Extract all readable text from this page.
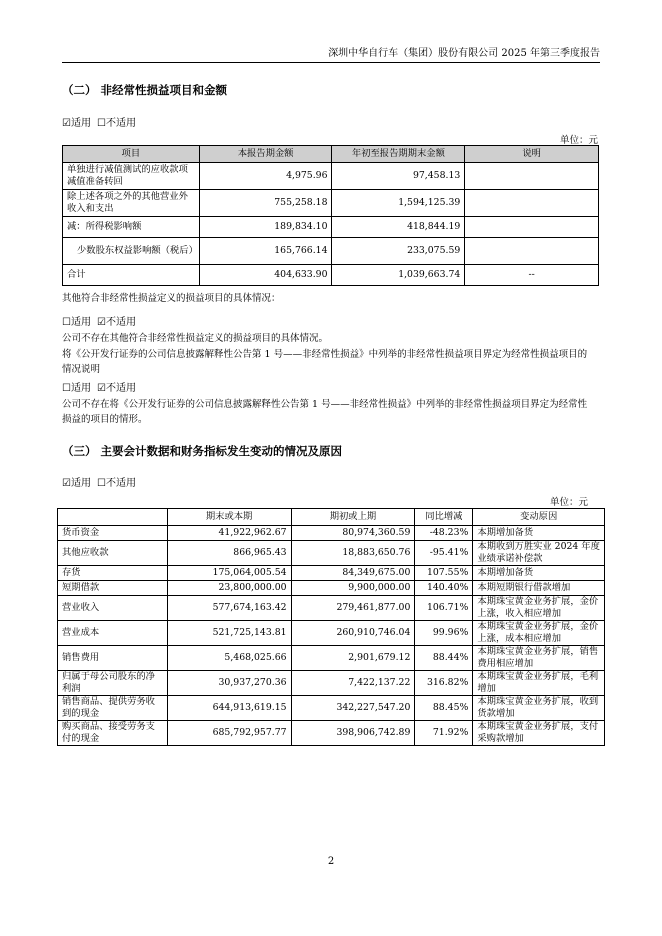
深圳中华自行车（集团）股份有限公司 2025 年第三季度报告
（二） 非经常性损益项目和金额
☑适用 ☐不适用
单位：元
项目	本报告期金额	年初至报告期期末金额	说明
单独进行减值测试的应收款项减值准备转回	4,975.96	97,458.13	
除上述各项之外的其他营业外收入和支出	755,258.18	1,594,125.39	
减：所得税影响额	189,834.10	418,844.19	
少数股东权益影响额（税后）	165,766.14	233,075.59	
合计	404,633.90	1,039,663.74	--
其他符合非经常性损益定义的损益项目的具体情况：
☐适用 ☑不适用
公司不存在其他符合非经常性损益定义的损益项目的具体情况。
将《公开发行证券的公司信息披露解释性公告第 1 号——非经常性损益》中列举的非经常性损益项目界定为经常性损益项目的情况说明
☐适用 ☑不适用
公司不存在将《公开发行证券的公司信息披露解释性公告第 1 号——非经常性损益》中列举的非经常性损益项目界定为经常性损益的项目的情形。
（三） 主要会计数据和财务指标发生变动的情况及原因
☑适用 ☐不适用
单位：元
	期末或本期	期初或上期	同比增减	变动原因
货币资金	41,922,962.67	80,974,360.59	-48.23%	本期增加备货
其他应收款	866,965.43	18,883,650.76	-95.41%	本期收到万胜实业 2024 年度业绩承诺补偿款
存货	175,064,005.54	84,349,675.00	107.55%	本期增加备货
短期借款	23,800,000.00	9,900,000.00	140.40%	本期短期银行借款增加
营业收入	577,674,163.42	279,461,877.00	106.71%	本期珠宝黄金业务扩展，金价上涨，收入相应增加
营业成本	521,725,143.81	260,910,746.04	99.96%	本期珠宝黄金业务扩展，金价上涨，成本相应增加
销售费用	5,468,025.66	2,901,679.12	88.44%	本期珠宝黄金业务扩展，销售费用相应增加
归属于母公司股东的净利润	30,937,270.36	7,422,137.22	316.82%	本期珠宝黄金业务扩展，毛利增加
销售商品、提供劳务收到的现金	644,913,619.15	342,227,547.20	88.45%	本期珠宝黄金业务扩展，收到货款增加
购买商品、接受劳务支付的现金	685,792,957.77	398,906,742.89	71.92%	本期珠宝黄金业务扩展，支付采购款增加
2
